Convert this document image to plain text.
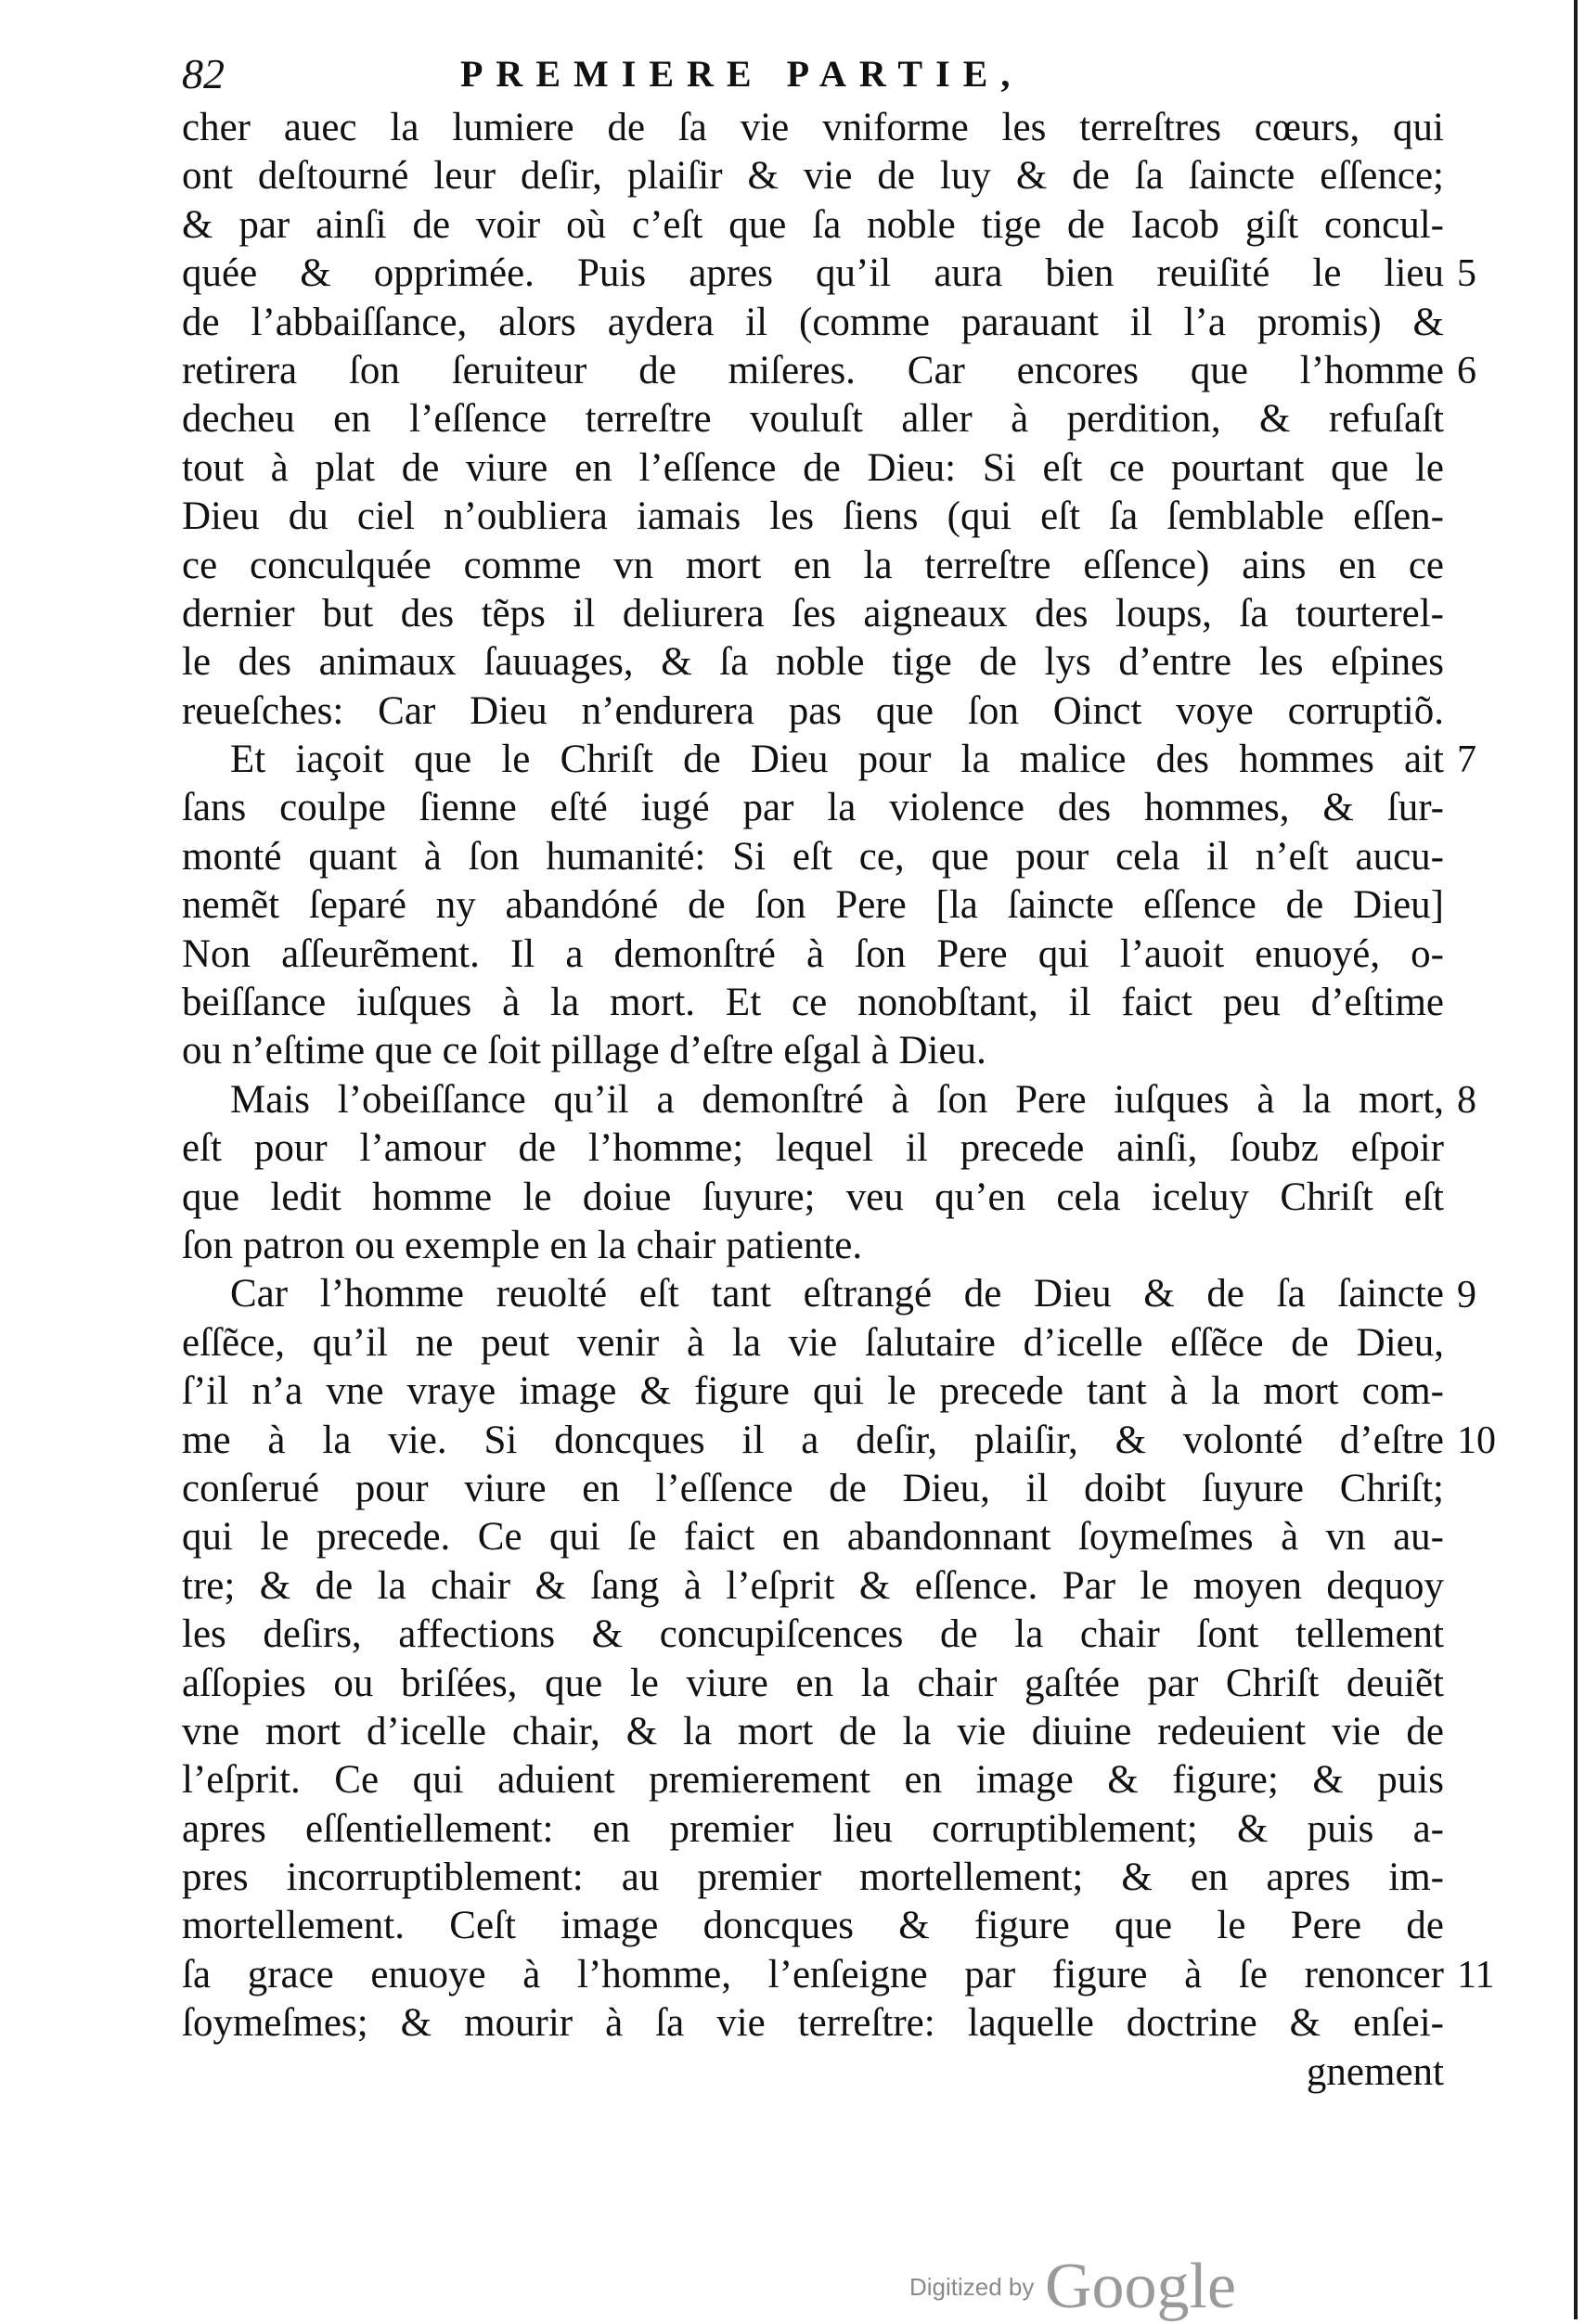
82	PREMIERE PARTIE,
cher auec la lumiere de ſa vie vniforme les terreſtres cœurs, qui
ont deſtourné leur deſir, plaiſir & vie de luy & de ſa ſaincte eſſence;
& par ainſi de voir où c’eſt que ſa noble tige de Iacob giſt concul-
quée & opprimée. Puis apres qu’il aura bien reuiſité le lieu
de l’abbaiſſance, alors aydera il (comme parauant il l’a promis) &
retirera ſon ſeruiteur de miſeres. Car encores que l’homme
decheu en l’eſſence terreſtre vouluſt aller à perdition, & refuſaſt
tout à plat de viure en l’eſſence de Dieu: Si eſt ce pourtant que le
Dieu du ciel n’oubliera iamais les ſiens (qui eſt ſa ſemblable eſſen-
ce conculquée comme vn mort en la terreſtre eſſence) ains en ce
dernier but des tẽps il deliurera ſes aigneaux des loups, ſa tourterel-
le des animaux ſauuages, & ſa noble tige de lys d’entre les eſpines
reueſches: Car Dieu n’endurera pas que ſon Oinct voye corruptiõ.
Et iaçoit que le Chriſt de Dieu pour la malice des hommes ait
ſans coulpe ſienne eſté iugé par la violence des hommes, & ſur-
monté quant à ſon humanité: Si eſt ce, que pour cela il n’eſt aucu-
nemẽt ſeparé ny abandóné de ſon Pere [la ſaincte eſſence de Dieu]
Non aſſeurẽment. Il a demonſtré à ſon Pere qui l’auoit enuoyé, o-
beiſſance iuſques à la mort. Et ce nonobſtant, il faict peu d’eſtime
ou n’eſtime que ce ſoit pillage d’eſtre eſgal à Dieu.
Mais l’obeiſſance qu’il a demonſtré à ſon Pere iuſques à la mort,
eſt pour l’amour de l’homme; lequel il precede ainſi, ſoubz eſpoir
que ledit homme le doiue ſuyure; veu qu’en cela iceluy Chriſt eſt
ſon patron ou exemple en la chair patiente.
Car l’homme reuolté eſt tant eſtrangé de Dieu & de ſa ſaincte
eſſẽce, qu’il ne peut venir à la vie ſalutaire d’icelle eſſẽce de Dieu,
ſ’il n’a vne vraye image & figure qui le precede tant à la mort com-
me à la vie. Si doncques il a deſir, plaiſir, & volonté d’eſtre
conſerué pour viure en l’eſſence de Dieu, il doibt ſuyure Chriſt;
qui le precede. Ce qui ſe faict en abandonnant ſoymeſmes à vn au-
tre; & de la chair & ſang à l’eſprit & eſſence. Par le moyen dequoy
les deſirs, affections & concupiſcences de la chair ſont tellement
aſſopies ou briſées, que le viure en la chair gaſtée par Chriſt deuiẽt
vne mort d’icelle chair, & la mort de la vie diuine redeuient vie de
l’eſprit. Ce qui aduient premierement en image & figure; & puis
apres eſſentiellement: en premier lieu corruptiblement; & puis a-
pres incorruptiblement: au premier mortellement; & en apres im-
mortellement. Ceſt image doncques & figure que le Pere de
ſa grace enuoye à l’homme, l’enſeigne par figure à ſe renoncer
ſoymeſmes; & mourir à ſa vie terreſtre: laquelle doctrine & enſei-
gnement
5
6
7
8
9
10
11
Digitized by Google
